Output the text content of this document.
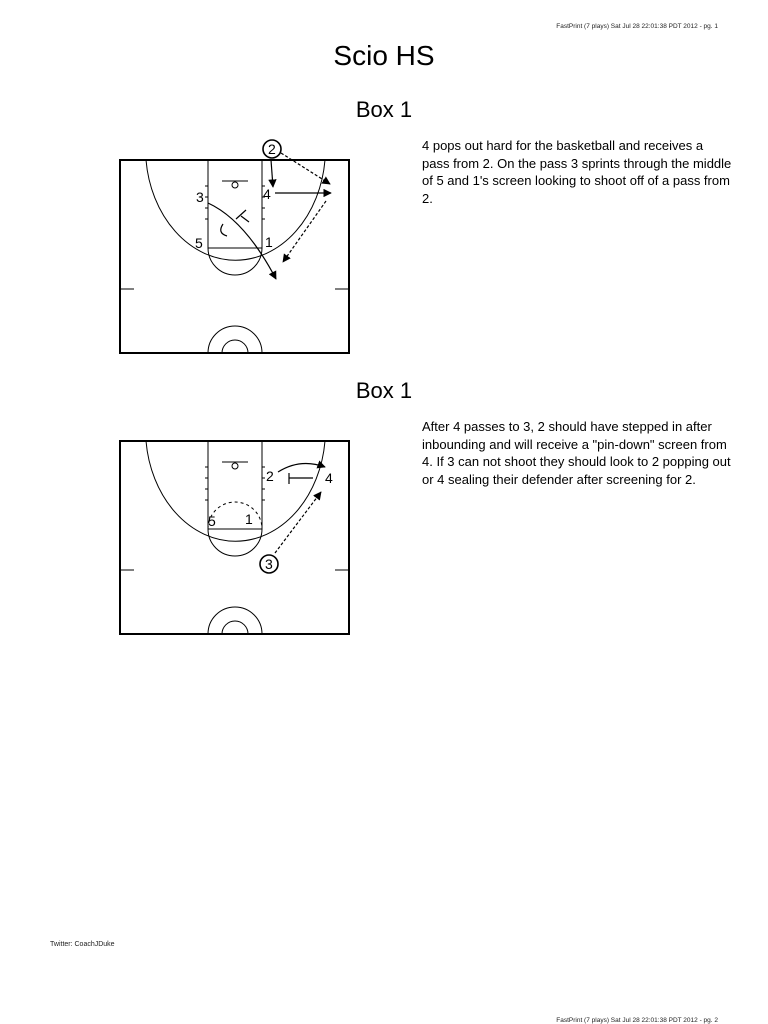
FastPrint (7 plays) Sat Jul 28 22:01:38 PDT 2012 - pg. 1
Scio HS
Box 1
2
3	4
5	1
4 pops out hard for the basketball and receives a pass from 2. On the pass 3 sprints through the middle of 5 and 1's screen looking to shoot off of a pass from 2.
Box 1
2	4
5 1
3
After 4 passes to 3, 2 should have stepped in after inbounding and will receive a "pin-down" screen from 4. If 3 can not shoot they should look to 2 popping out or 4 sealing their defender after screening for 2.
Twitter: CoachJDuke
FastPrint (7 plays) Sat Jul 28 22:01:38 PDT 2012 - pg. 2
